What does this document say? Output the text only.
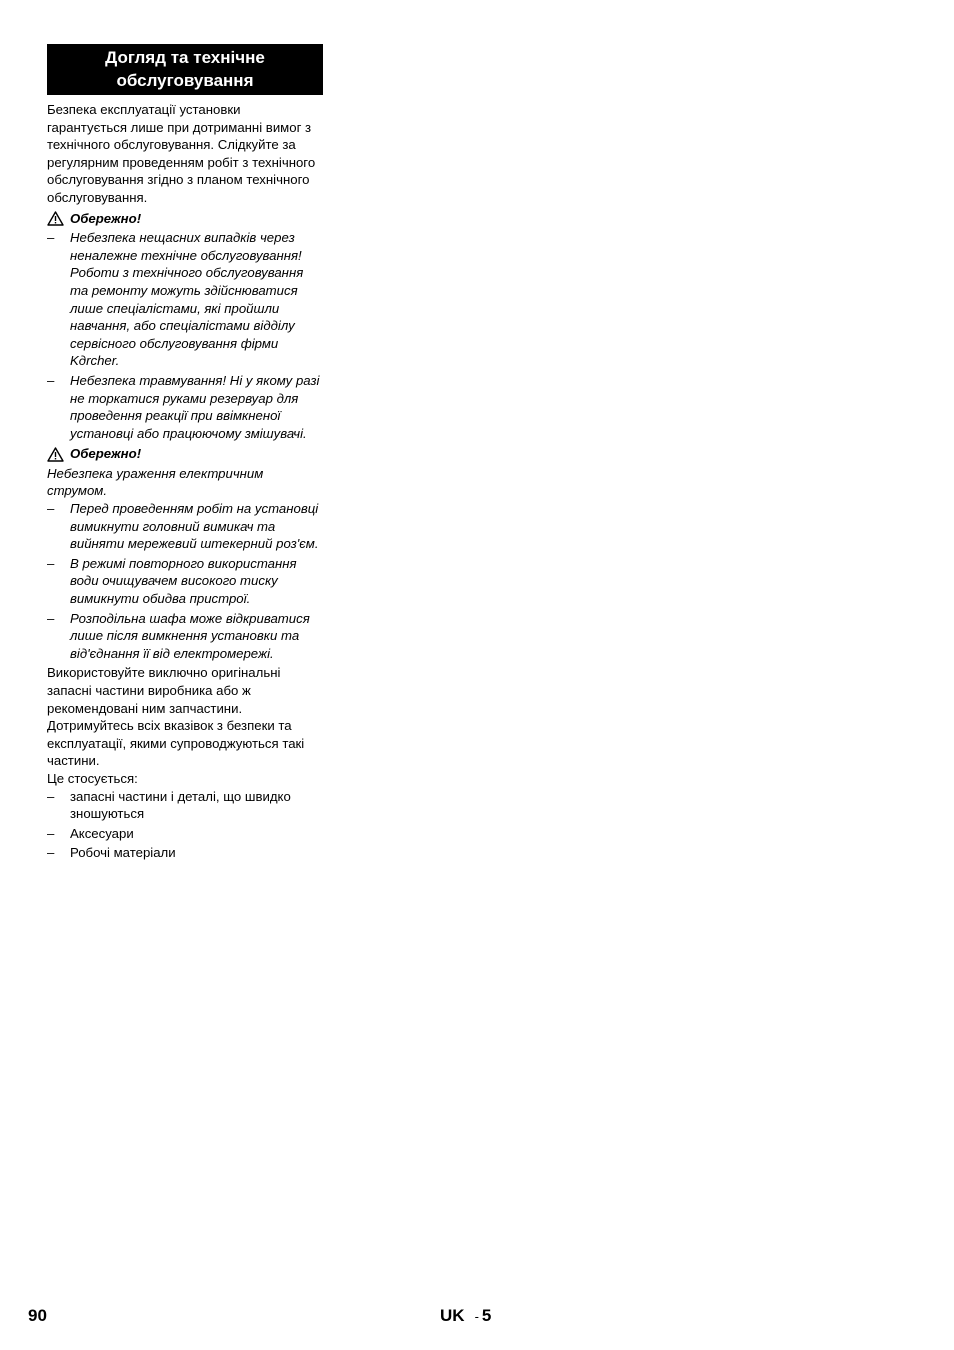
Догляд та технічне обслуговування

Безпека експлуатації установки гарантується лише при дотриманні вимог з технічного обслуговування. Слідкуйте за регулярним проведенням робіт з технічного обслуговування згідно з планом технічного обслуговування.

Обережно!
– Небезпека нещасних випадків через неналежне технічне обслуговування! Роботи з технічного обслуговування та ремонту можуть здійснюватися лише спеціалістами, які пройшли навчання, або спеціалістами відділу сервісного обслуговування фірми Kдrcher.
– Небезпека травмування! Ні у якому разі не торкатися руками резервуар для проведення реакції при ввімкненої установці або працюючому змішувачі.
Обережно!

Небезпека ураження електричним струмом.

– Перед проведенням робіт на установці вимикнути головний вимикач та вийняти мережевий штекерний роз'єм.
– В режимі повторного використання води очищувачем високого тиску вимикнути обидва пристрої.
– Розподільна шафа може відкриватися лише після вимкнення установки та від'єднання її від електромережі.

Використовуйте виключно оригінальні запасні частини виробника або ж рекомендовані ним запчастини. Дотримуйтесь всіх вказівок з безпеки та експлуатації, якими супроводжуються такі частини.

Це стосується:

– запасні частини і деталі, що швидко зношуються
– Аксесуари
– Робочі матеріали
90	UK - 5
